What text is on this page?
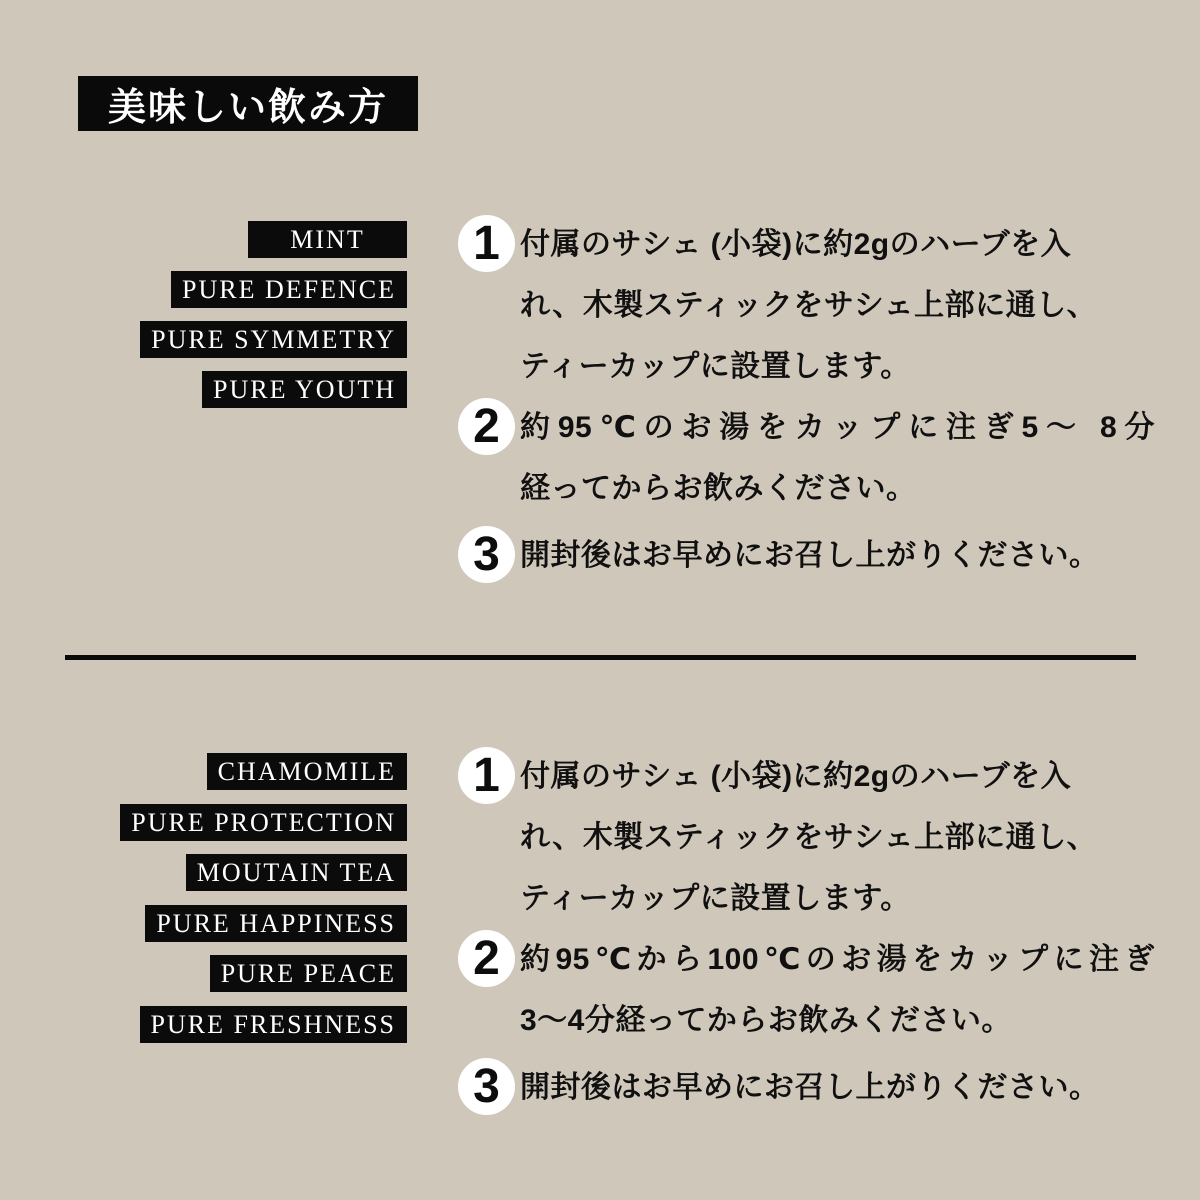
美味しい飲み方
MINT
PURE DEFENCE
PURE SYMMETRY
PURE YOUTH
1 付属のサシェ (小袋)に約2gのハーブを入
れ、木製スティックをサシェ上部に通し、
ティーカップに設置します。
2 約95℃のお湯をカップに注ぎ5～ 8分
経ってからお飲みください。
3 開封後はお早めにお召し上がりください。
CHAMOMILE
PURE PROTECTION
MOUTAIN TEA
PURE HAPPINESS
PURE PEACE
PURE FRESHNESS
1 付属のサシェ (小袋)に約2gのハーブを入
れ、木製スティックをサシェ上部に通し、
ティーカップに設置します。
2 約95℃から100℃のお湯をカップに注ぎ
3～4分経ってからお飲みください。
3 開封後はお早めにお召し上がりください。
